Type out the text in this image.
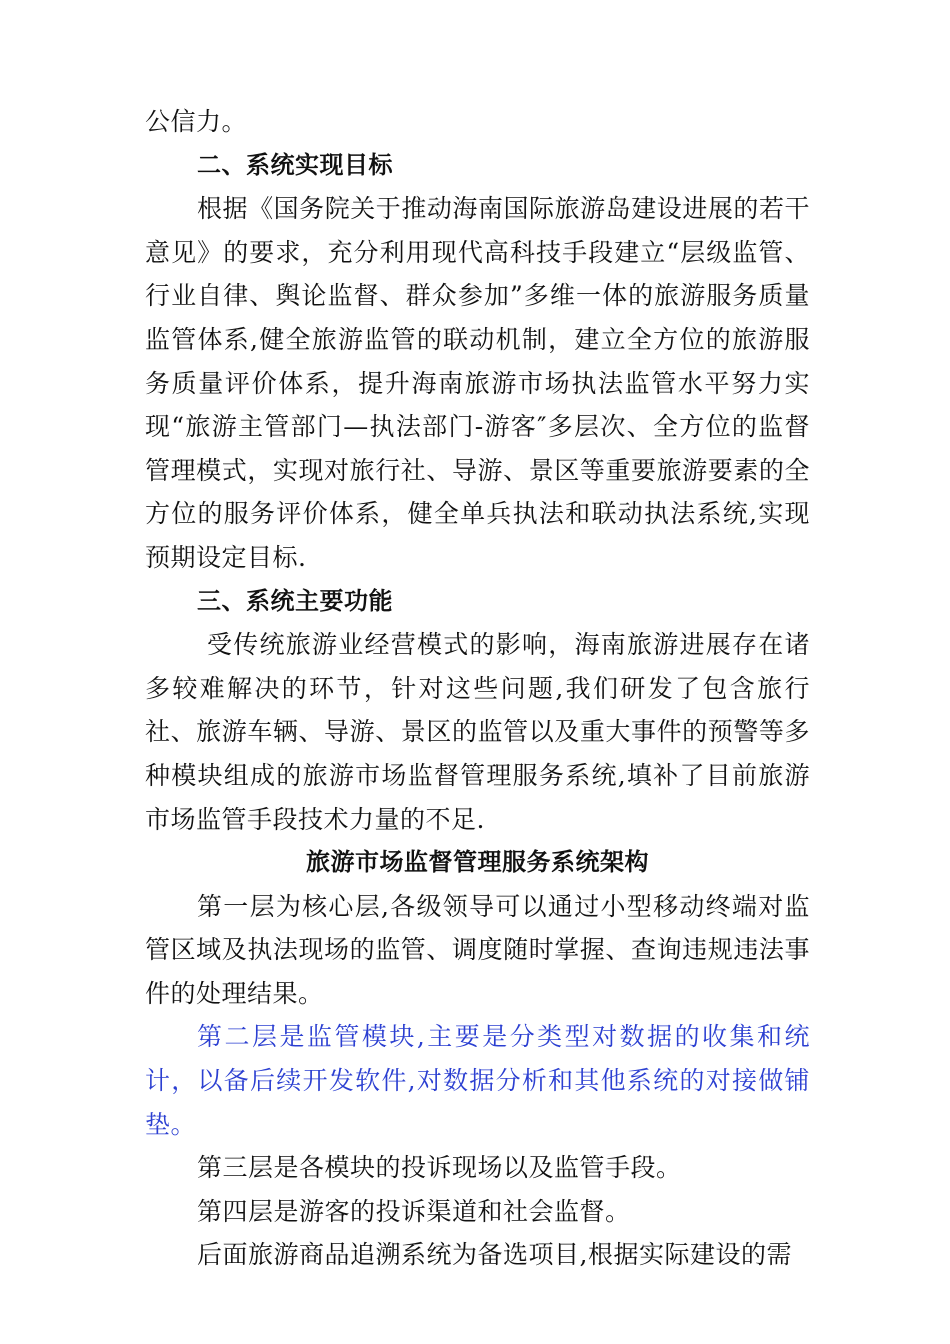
公信力。

二、系统实现目标

根据《国务院关于推动海南国际旅游岛建设进展的若干意见》的要求，充分利用现代高科技手段建立“层级监管、行业自律、舆论监督、群众参加”多维一体的旅游服务质量监管体系,健全旅游监管的联动机制，建立全方位的旅游服务质量评价体系，提升海南旅游市场执法监管水平努力实现“旅游主管部门—执法部门-游客″多层次、全方位的监督管理模式，实现对旅行社、导游、景区等重要旅游要素的全方位的服务评价体系，健全单兵执法和联动执法系统,实现预期设定目标.

三、系统主要功能

受传统旅游业经营模式的影响，海南旅游进展存在诸多较难解决的环节，针对这些问题,我们研发了包含旅行社、旅游车辆、导游、景区的监管以及重大事件的预警等多种模块组成的旅游市场监督管理服务系统,填补了目前旅游市场监管手段技术力量的不足.

旅游市场监督管理服务系统架构

第一层为核心层,各级领导可以通过小型移动终端对监管区域及执法现场的监管、调度随时掌握、查询违规违法事件的处理结果。

第二层是监管模块,主要是分类型对数据的收集和统计，以备后续开发软件,对数据分析和其他系统的对接做铺垫。

第三层是各模块的投诉现场以及监管手段。

第四层是游客的投诉渠道和社会监督。

后面旅游商品追溯系统为备选项目,根据实际建设的需
